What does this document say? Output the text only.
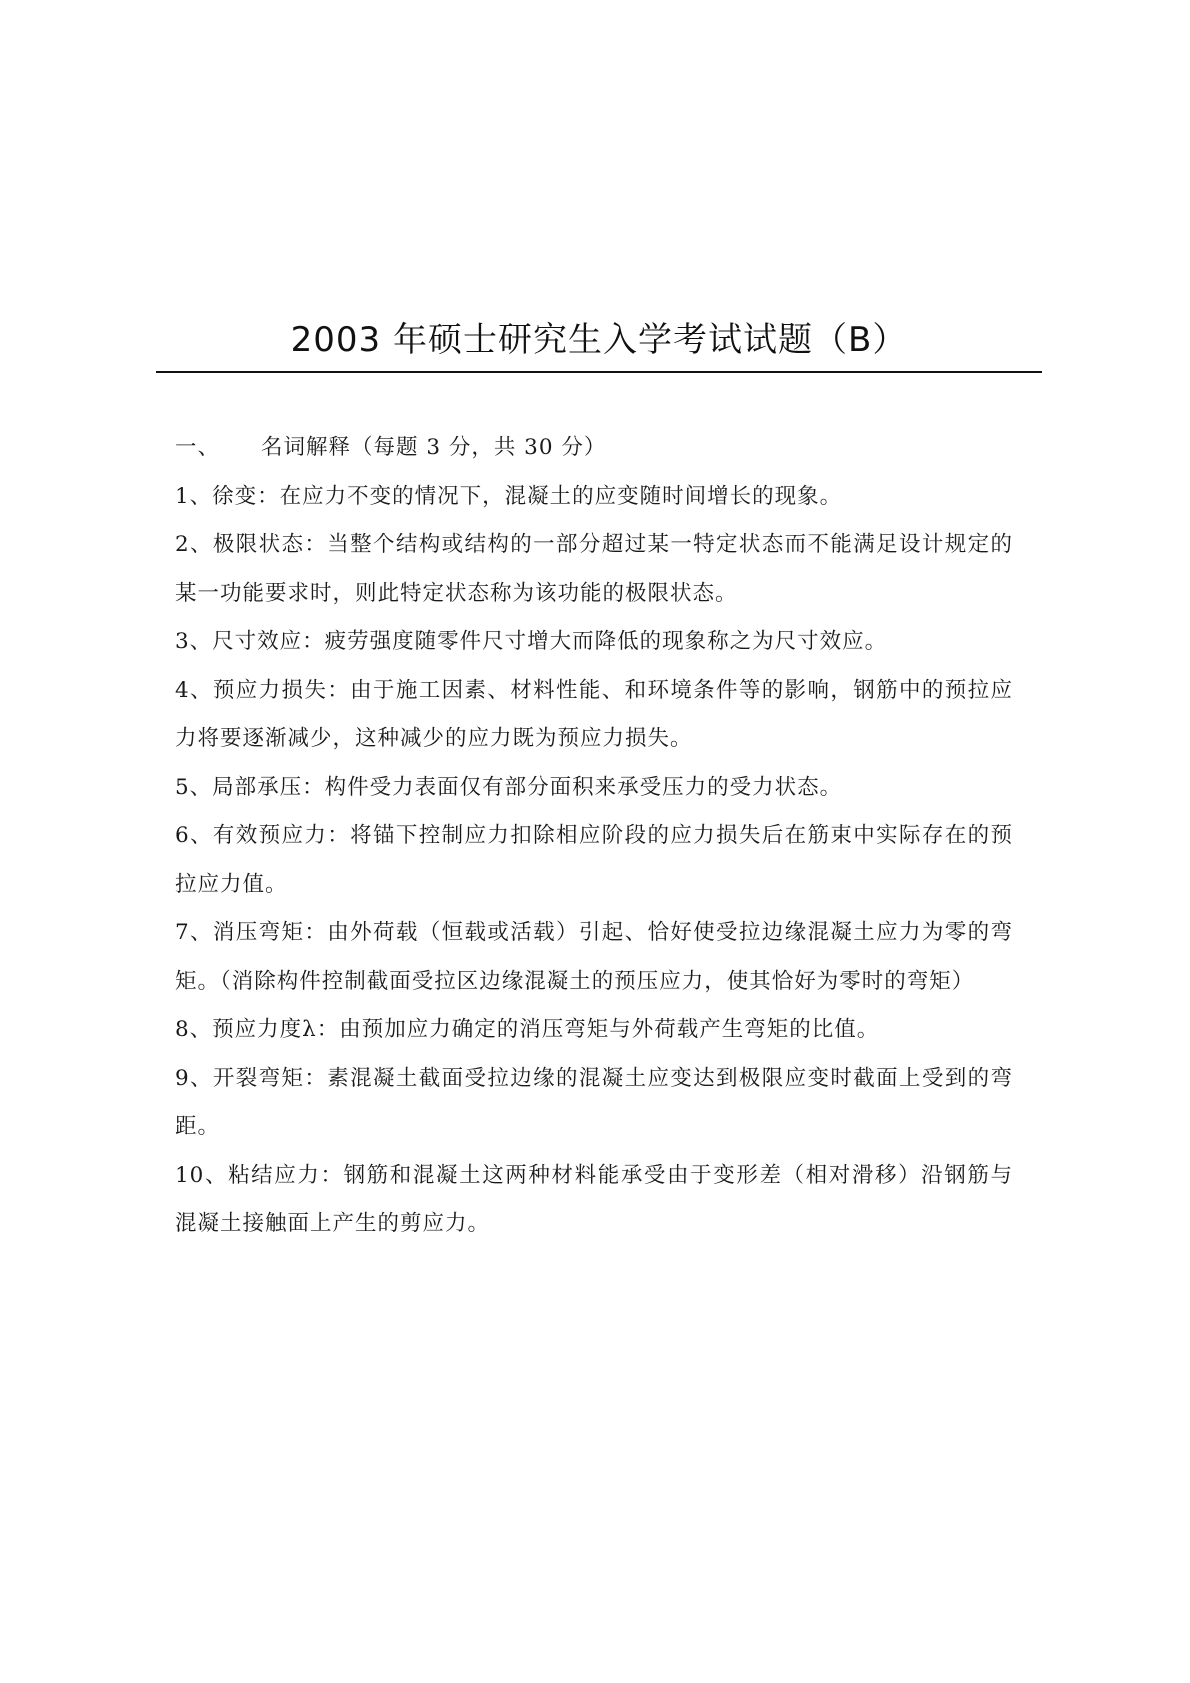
2003 年硕士研究生入学考试试题（B）
一、 名词解释（每题 3 分，共 30 分）
1、徐变：在应力不变的情况下，混凝土的应变随时间增长的现象。
2、极限状态：当整个结构或结构的一部分超过某一特定状态而不能满足设计规定的某一功能要求时，则此特定状态称为该功能的极限状态。
3、尺寸效应：疲劳强度随零件尺寸增大而降低的现象称之为尺寸效应。
4、预应力损失：由于施工因素、材料性能、和环境条件等的影响，钢筋中的预拉应力将要逐渐减少，这种减少的应力既为预应力损失。
5、局部承压：构件受力表面仅有部分面积来承受压力的受力状态。
6、有效预应力：将锚下控制应力扣除相应阶段的应力损失后在筋束中实际存在的预拉应力值。
7、消压弯矩：由外荷载（恒载或活载）引起、恰好使受拉边缘混凝土应力为零的弯矩。（消除构件控制截面受拉区边缘混凝土的预压应力，使其恰好为零时的弯矩）
8、预应力度λ：由预加应力确定的消压弯矩与外荷载产生弯矩的比值。
9、开裂弯矩：素混凝土截面受拉边缘的混凝土应变达到极限应变时截面上受到的弯距。
10、粘结应力：钢筋和混凝土这两种材料能承受由于变形差（相对滑移）沿钢筋与混凝土接触面上产生的剪应力。
